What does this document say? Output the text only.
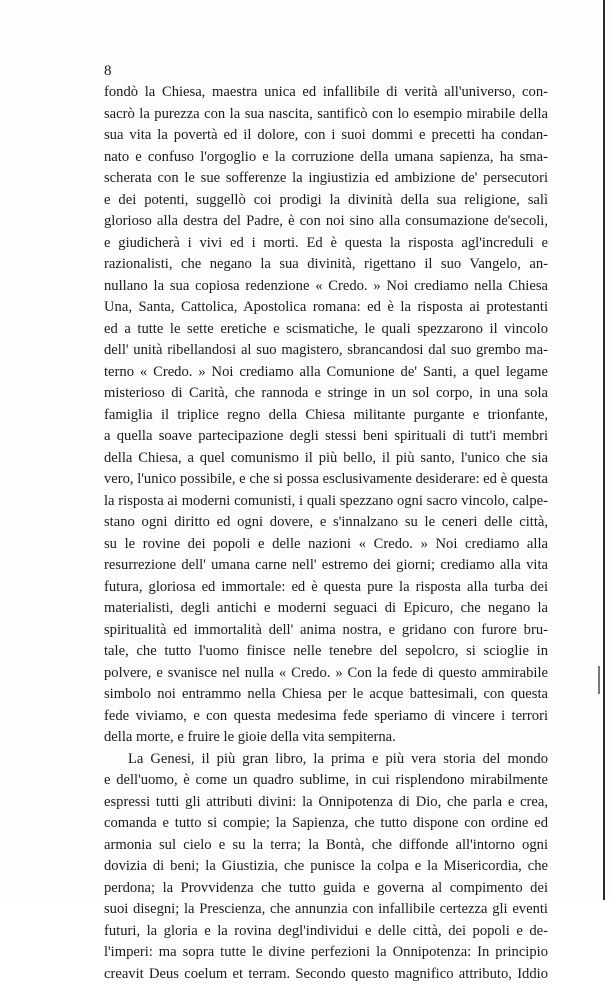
8
fondò la Chiesa, maestra unica ed infallibile di verità all'universo, con-
sacrò la purezza con la sua nascita, santificò con lo esempio mirabile della
sua vita la povertà ed il dolore, con i suoi dommi e precetti ha condan-
nato e confuso l'orgoglio e la corruzione della umana sapienza, ha sma-
scherata con le sue sofferenze la ingiustizia ed ambizione de' persecutori
e dei potenti, suggellò coi prodigi la divinità della sua religione, salì
glorioso alla destra del Padre, è con noi sino alla consumazione de'secoli,
e giudicherà i vivi ed i morti. Ed è questa la risposta agl'increduli e
razionalisti, che negano la sua divinità, rigettano il suo Vangelo, an-
nullano la sua copiosa redenzione « Credo. » Noi crediamo nella Chiesa
Una, Santa, Cattolica, Apostolica romana: ed è la risposta ai protestanti
ed a tutte le sette eretiche e scismatiche, le quali spezzarono il vincolo
dell' unità ribellandosi al suo magistero, sbrancandosi dal suo grembo ma-
terno « Credo. » Noi crediamo alla Comunione de' Santi, a quel legame
misterioso di Carità, che rannoda e stringe in un sol corpo, in una sola
famiglia il triplice regno della Chiesa militante purgante e trionfante,
a quella soave partecipazione degli stessi beni spirituali di tutt'i membri
della Chiesa, a quel comunismo il più bello, il più santo, l'unico che sia
vero, l'unico possibile, e che si possa esclusivamente desiderare: ed è questa
la risposta ai moderni comunisti, i quali spezzano ogni sacro vincolo, calpe-
stano ogni diritto ed ogni dovere, e s'innalzano su le ceneri delle città,
su le rovine dei popoli e delle nazioni « Credo. » Noi crediamo alla
resurrezione dell' umana carne nell' estremo dei giorni; crediamo alla vita
futura, gloriosa ed immortale: ed è questa pure la risposta alla turba dei
materialisti, degli antichi e moderni seguaci di Epicuro, che negano la
spiritualità ed immortalità dell' anima nostra, e gridano con furore bru-
tale, che tutto l'uomo finisce nelle tenebre del sepolcro, si scioglie in
polvere, e svanisce nel nulla « Credo. » Con la fede di questo ammirabile
simbolo noi entrammo nella Chiesa per le acque battesimali, con questa
fede viviamo, e con questa medesima fede speriamo di vincere i terrori
della morte, e fruire le gioie della vita sempiterna.
La Genesi, il più gran libro, la prima e più vera storia del mondo
e dell'uomo, è come un quadro sublime, in cui risplendono mirabilmente
espressi tutti gli attributi divini: la Onnipotenza di Dio, che parla e crea,
comanda e tutto si compie; la Sapienza, che tutto dispone con ordine ed
armonia sul cielo e su la terra; la Bontà, che diffonde all'intorno ogni
dovizia di beni; la Giustizia, che punisce la colpa e la Misericordia, che
perdona; la Provvidenza che tutto guida e governa al compimento dei
suoi disegni; la Prescienza, che annunzia con infallibile certezza gli eventi
futuri, la gloria e la rovina degl'individui e delle città, dei popoli e de-
l'imperi: ma sopra tutte le divine perfezioni la Onnipotenza: In principio
creavit Deus coelum et terram. Secondo questo magnifico attributo, Iddio
